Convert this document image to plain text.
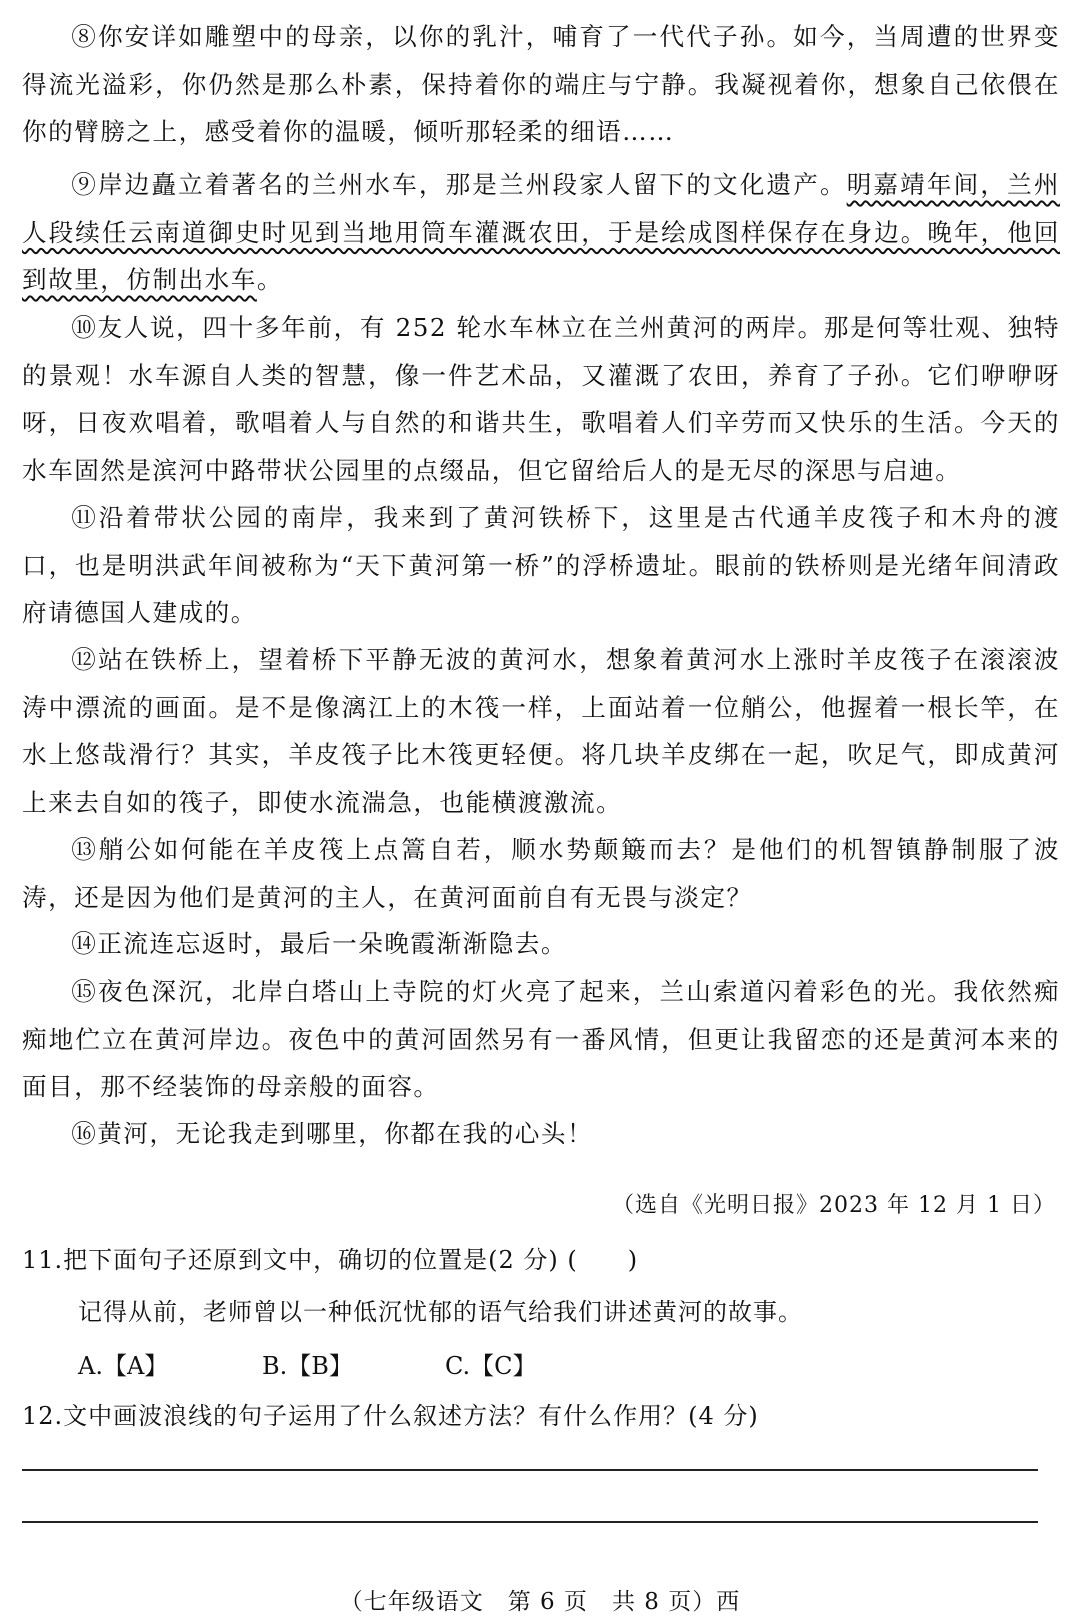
⑧你安详如雕塑中的母亲，以你的乳汁，哺育了一代代子孙。如今，当周遭的世界变得流光溢彩，你仍然是那么朴素，保持着你的端庄与宁静。我凝视着你，想象自己依偎在你的臂膀之上，感受着你的温暖，倾听那轻柔的细语……

⑨岸边矗立着著名的兰州水车，那是兰州段家人留下的文化遗产。明嘉靖年间，兰州人段续任云南道御史时见到当地用筒车灌溉农田，于是绘成图样保存在身边。晚年，他回到故里，仿制出水车。

⑩友人说，四十多年前，有 252 轮水车林立在兰州黄河的两岸。那是何等壮观、独特的景观！水车源自人类的智慧，像一件艺术品，又灌溉了农田，养育了子孙。它们咿咿呀呀，日夜欢唱着，歌唱着人与自然的和谐共生，歌唱着人们辛劳而又快乐的生活。今天的水车固然是滨河中路带状公园里的点缀品，但它留给后人的是无尽的深思与启迪。

⑪沿着带状公园的南岸，我来到了黄河铁桥下，这里是古代通羊皮筏子和木舟的渡口，也是明洪武年间被称为“天下黄河第一桥”的浮桥遗址。眼前的铁桥则是光绪年间清政府请德国人建成的。

⑫站在铁桥上，望着桥下平静无波的黄河水，想象着黄河水上涨时羊皮筏子在滚滚波涛中漂流的画面。是不是像漓江上的木筏一样，上面站着一位艄公，他握着一根长竿，在水上悠哉滑行？其实，羊皮筏子比木筏更轻便。将几块羊皮绑在一起，吹足气，即成黄河上来去自如的筏子，即使水流湍急，也能横渡激流。

⑬艄公如何能在羊皮筏上点篙自若，顺水势颠簸而去？是他们的机智镇静制服了波涛，还是因为他们是黄河的主人，在黄河面前自有无畏与淡定？

⑭正流连忘返时，最后一朵晚霞渐渐隐去。

⑮夜色深沉，北岸白塔山上寺院的灯火亮了起来，兰山索道闪着彩色的光。我依然痴痴地伫立在黄河岸边。夜色中的黄河固然另有一番风情，但更让我留恋的还是黄河本来的面目，那不经装饰的母亲般的面容。

⑯黄河，无论我走到哪里，你都在我的心头！

（选自《光明日报》2023 年 12 月 1 日）
11.把下面句子还原到文中，确切的位置是(2 分) (　　)
记得从前，老师曾以一种低沉忧郁的语气给我们讲述黄河的故事。
A.【A】	B.【B】	C.【C】
12.文中画波浪线的句子运用了什么叙述方法？有什么作用？(4 分)
（七年级语文　第 6 页　共 8 页）西
